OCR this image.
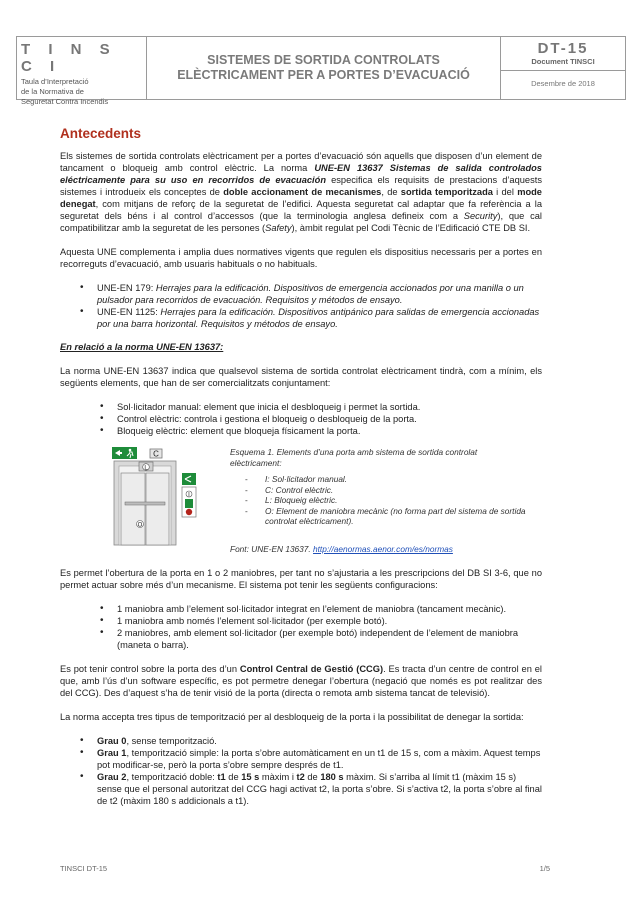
T I N S C I
Taula d’Interpretació
de la Normativa de
Seguretat Contra Incendis
SISTEMES DE SORTIDA CONTROLATS
ELÈCTRICAMENT PER A PORTES D’EVACUACIÓ
DT-15
Document TINSCI
Desembre de 2018
Antecedents

Els sistemes de sortida controlats elèctricament per a portes d’evacuació són aquells que disposen d’un element de tancament o bloqueig amb control elèctric. La norma UNE-EN 13637 Sistemas de salida controlados eléctricamente para su uso en recorridos de evacuación especifica els requisits de prestacions d’aquests sistemes i introdueix els conceptes de doble accionament de mecanismes, de sortida temporitzada i del mode denegat, com mitjans de reforç de la seguretat de l’edifici. Aquesta seguretat cal adaptar que fa referència a la seguretat dels béns i al control d’accessos (que la terminologia anglesa defineix com a Security), que cal compatibilitzar amb la seguretat de les persones (Safety), àmbit regulat pel Codi Tècnic de l’Edificació CTE DB SI.

Aquesta UNE complementa i amplia dues normatives vigents que regulen els dispositius necessaris per a portes en recorreguts d’evacuació, amb usuaris habituals o no habituals.

• UNE-EN 179: Herrajes para la edificación. Dispositivos de emergencia accionados por una manilla o un pulsador para recorridos de evacuación. Requisitos y métodos de ensayo.
• UNE-EN 1125: Herrajes para la edificación. Dispositivos antipánico para salidas de emergencia accionadas por una barra horizontal. Requisitos y métodos de ensayo.

En relació a la norma UNE-EN 13637:

La norma UNE-EN 13637 indica que qualsevol sistema de sortida controlat elèctricament tindrà, com a mínim, els següents elements, que han de ser comercialitzats conjuntament:

• Sol·licitador manual: element que inicia el desbloqueig i permet la sortida.
• Control elèctric: controla i gestiona el bloqueig o desbloqueig de la porta.
• Bloqueig elèctric: element que bloqueja físicament la porta.
C
L
O
I
Esquema 1. Elements d’una porta amb sistema de sortida controlat elèctricament:
- I: Sol·licitador manual.
- C: Control elèctric.
- L: Bloqueig elèctric.
- O: Element de maniobra mecànic (no forma part del sistema de sortida controlat elèctricament).
Font: UNE-EN 13637. http://aenormas.aenor.com/es/normas

Es permet l’obertura de la porta en 1 o 2 maniobres, per tant no s’ajustaria a les prescripcions del DB SI 3-6, que no permet actuar sobre més d’un mecanisme. El sistema pot tenir les següents configuracions:

• 1 maniobra amb l’element sol·licitador integrat en l’element de maniobra (tancament mecànic).
• 1 maniobra amb només l’element sol·licitador (per exemple botó).
• 2 maniobres, amb element sol·licitador (per exemple botó) independent de l’element de maniobra (maneta o barra).

Es pot tenir control sobre la porta des d’un Control Central de Gestió (CCG). Es tracta d’un centre de control en el que, amb l’ús d’un software específic, es pot permetre denegar l’obertura (negació que només es pot realitzar des del CCG). Des d’aquest s’ha de tenir visió de la porta (directa o remota amb sistema tancat de televisió).

La norma accepta tres tipus de temporització per al desbloqueig de la porta i la possibilitat de denegar la sortida:

• Grau 0, sense temporització.
• Grau 1, temporització simple: la porta s’obre automàticament en un t1 de 15 s, com a màxim. Aquest temps pot modificar-se, però la porta s’obre sempre després de t1.
• Grau 2, temporització doble: t1 de 15 s màxim i t2 de 180 s màxim. Si s’arriba al límit t1 (màxim 15 s) sense que el personal autoritzat del CCG hagi activat t2, la porta s’obre. Si s’activa t2, la porta s’obre al final de t2 (màxim 180 s addicionals a t1).
TINSCI DT-15	1/5
